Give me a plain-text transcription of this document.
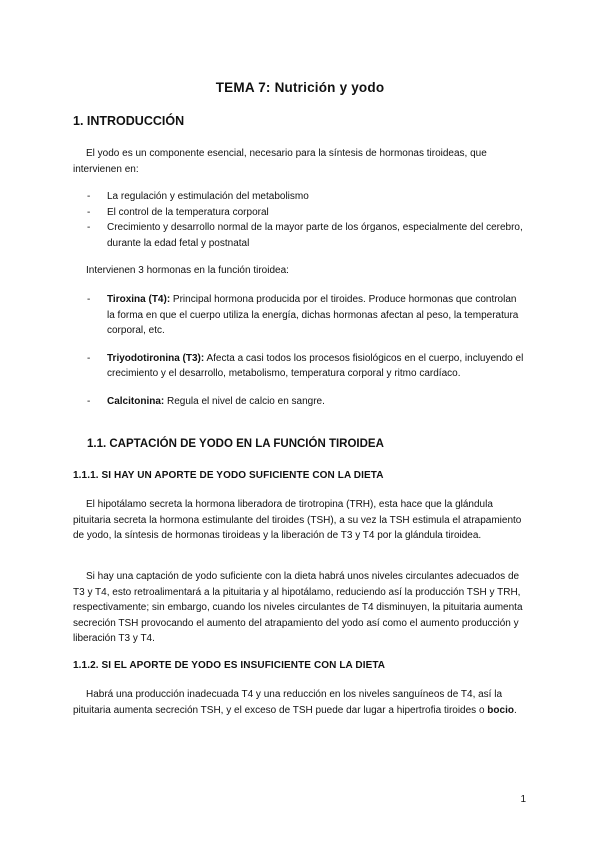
TEMA 7: Nutrición y yodo
1. INTRODUCCIÓN
El yodo es un componente esencial, necesario para la síntesis de hormonas tiroideas, que intervienen en:
- La regulación y estimulación del metabolismo
- El control de la temperatura corporal
- Crecimiento y desarrollo normal de la mayor parte de los órganos, especialmente del cerebro, durante la edad fetal y postnatal
Intervienen 3 hormonas en la función tiroidea:
- Tiroxina (T4): Principal hormona producida por el tiroides. Produce hormonas que controlan la forma en que el cuerpo utiliza la energía, dichas hormonas afectan al peso, la temperatura corporal, etc.
- Triyodotironina (T3): Afecta a casi todos los procesos fisiológicos en el cuerpo, incluyendo el crecimiento y el desarrollo, metabolismo, temperatura corporal y ritmo cardíaco.
- Calcitonina: Regula el nivel de calcio en sangre.
1.1. CAPTACIÓN DE YODO EN LA FUNCIÓN TIROIDEA
1.1.1. SI HAY UN APORTE DE YODO SUFICIENTE CON LA DIETA
El hipotálamo secreta la hormona liberadora de tirotropina (TRH), esta hace que la glándula pituitaria secreta la hormona estimulante del tiroides (TSH), a su vez la TSH estimula el atrapamiento de yodo, la síntesis de hormonas tiroideas y la liberación de T3 y T4 por la glándula tiroidea.
Si hay una captación de yodo suficiente con la dieta habrá unos niveles circulantes adecuados de T3 y T4, esto retroalimentará a la pituitaria y al hipotálamo, reduciendo así la producción TSH y TRH, respectivamente; sin embargo, cuando los niveles circulantes de T4 disminuyen, la pituitaria aumenta secreción TSH provocando el aumento del atrapamiento del yodo así como el aumento producción y liberación T3 y T4.
1.1.2. SI EL APORTE DE YODO ES INSUFICIENTE CON LA DIETA
Habrá una producción inadecuada T4 y una reducción en los niveles sanguíneos de T4, así la pituitaria aumenta secreción TSH, y el exceso de TSH puede dar lugar a hipertrofia tiroides o bocio.
1
